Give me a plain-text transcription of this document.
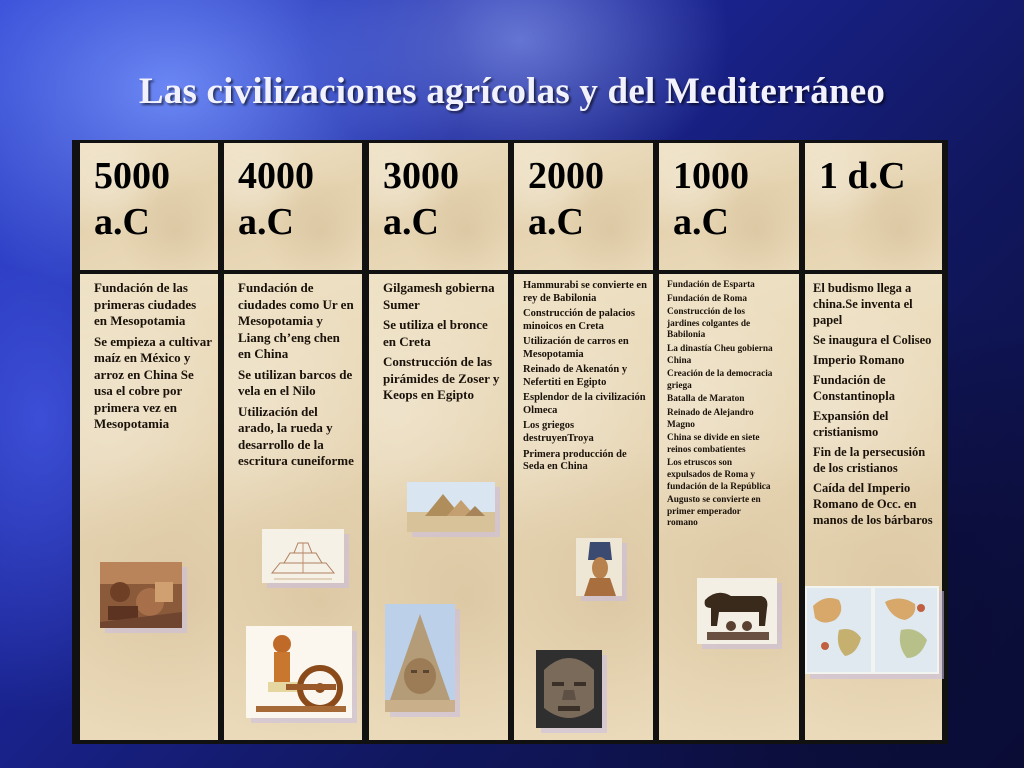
Las civilizaciones agrícolas y del Mediterráneo
5000
a.C
Fundación de las primeras ciudades en Mesopotamia
Se empieza a cultivar maíz en México y arroz en China Se usa el cobre por primera vez en Mesopotamia
4000
a.C
Fundación de ciudades como Ur en Mesopotamia y Liang ch’eng chen en China
Se utilizan barcos de vela en el Nilo
Utilización del arado, la rueda y desarrollo de la escritura cuneiforme
3000
a.C
Gilgamesh gobierna Sumer
Se utiliza el bronce en Creta
Construcción de las pirámides de Zoser y Keops en Egipto
2000
a.C
Hammurabi se convierte en rey de Babilonia
Construcción de palacios minoicos en Creta
Utilización de carros en Mesopotamia
Reinado de Akenatón y Nefertiti en Egipto
Esplendor de la civilización Olmeca
Los griegos destruyenTroya
Primera producción de Seda en China
1000
a.C
Fundación de Esparta
Fundación de Roma
Construcción de los jardines colgantes de Babilonia
La dinastía Cheu gobierna China
Creación de la democracia griega
Batalla de Maraton
Reinado de Alejandro Magno
China se divide en siete reinos combatientes
Los etruscos son expulsados de Roma y fundación de la República
Augusto se convierte en primer emperador romano
1 d.C

El budismo llega a china.Se inventa el papel
Se inaugura el Coliseo
Imperio Romano
Fundación de Constantinopla
Expansión del cristianismo
Fin de la persecusión de los cristianos
Caída del Imperio Romano de Occ. en manos de los bárbaros
